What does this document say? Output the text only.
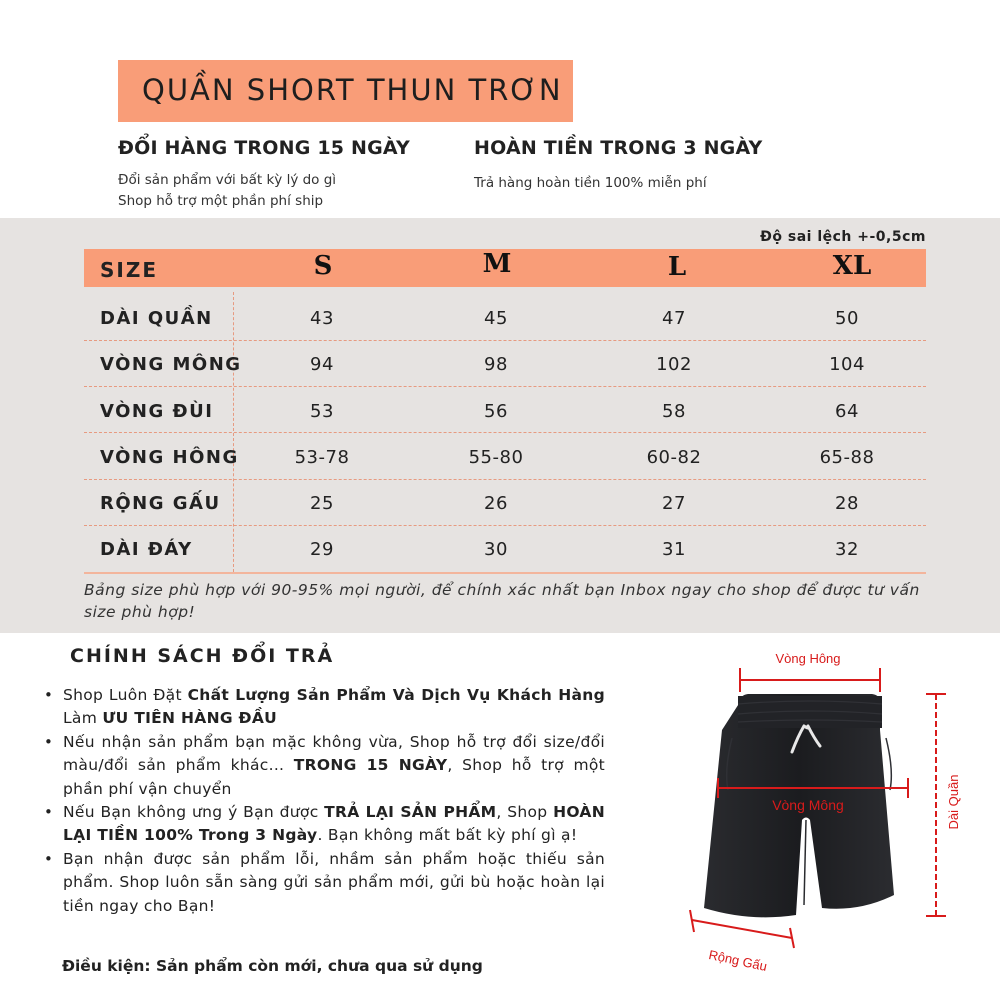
QUẦN SHORT THUN TRƠN
ĐỔI HÀNG TRONG 15 NGÀY
Đổi sản phẩm với bất kỳ lý do gì
Shop hỗ trợ một phần phí ship
HOÀN TIỀN TRONG 3 NGÀY
Trả hàng hoàn tiền 100% miễn phí
Độ sai lệch +-0,5cm
SIZE	S	M	L	XL
DÀI QUẦN	43	45	47	50
VÒNG MÔNG	94	98	102	104
VÒNG ĐÙI	53	56	58	64
VÒNG HÔNG	53-78	55-80	60-82	65-88
RỘNG GẤU	25	26	27	28
DÀI ĐÁY	29	30	31	32
Bảng size phù hợp với 90-95% mọi người, để chính xác nhất bạn Inbox ngay cho shop để được tư vấn size phù hợp!
CHÍNH SÁCH ĐỔI TRẢ
• Shop Luôn Đặt Chất Lượng Sản Phẩm Và Dịch Vụ Khách Hàng Làm ƯU TIÊN HÀNG ĐẦU
• Nếu nhận sản phẩm bạn mặc không vừa, Shop hỗ trợ đổi size/đổi màu/đổi sản phẩm khác... TRONG 15 NGÀY, Shop hỗ trợ một phần phí vận chuyển
• Nếu Bạn không ưng ý Bạn được TRẢ LẠI SẢN PHẨM, Shop HOÀN LẠI TIỀN 100% Trong 3 Ngày. Bạn không mất bất kỳ phí gì ạ!
• Bạn nhận được sản phẩm lỗi, nhầm sản phẩm hoặc thiếu sản phẩm. Shop luôn sẵn sàng gửi sản phẩm mới, gửi bù hoặc hoàn lại tiền ngay cho Bạn!
Điều kiện: Sản phẩm còn mới, chưa qua sử dụng
Vòng Hông
Vòng Mông	Dài Quần
Rộng Gấu
